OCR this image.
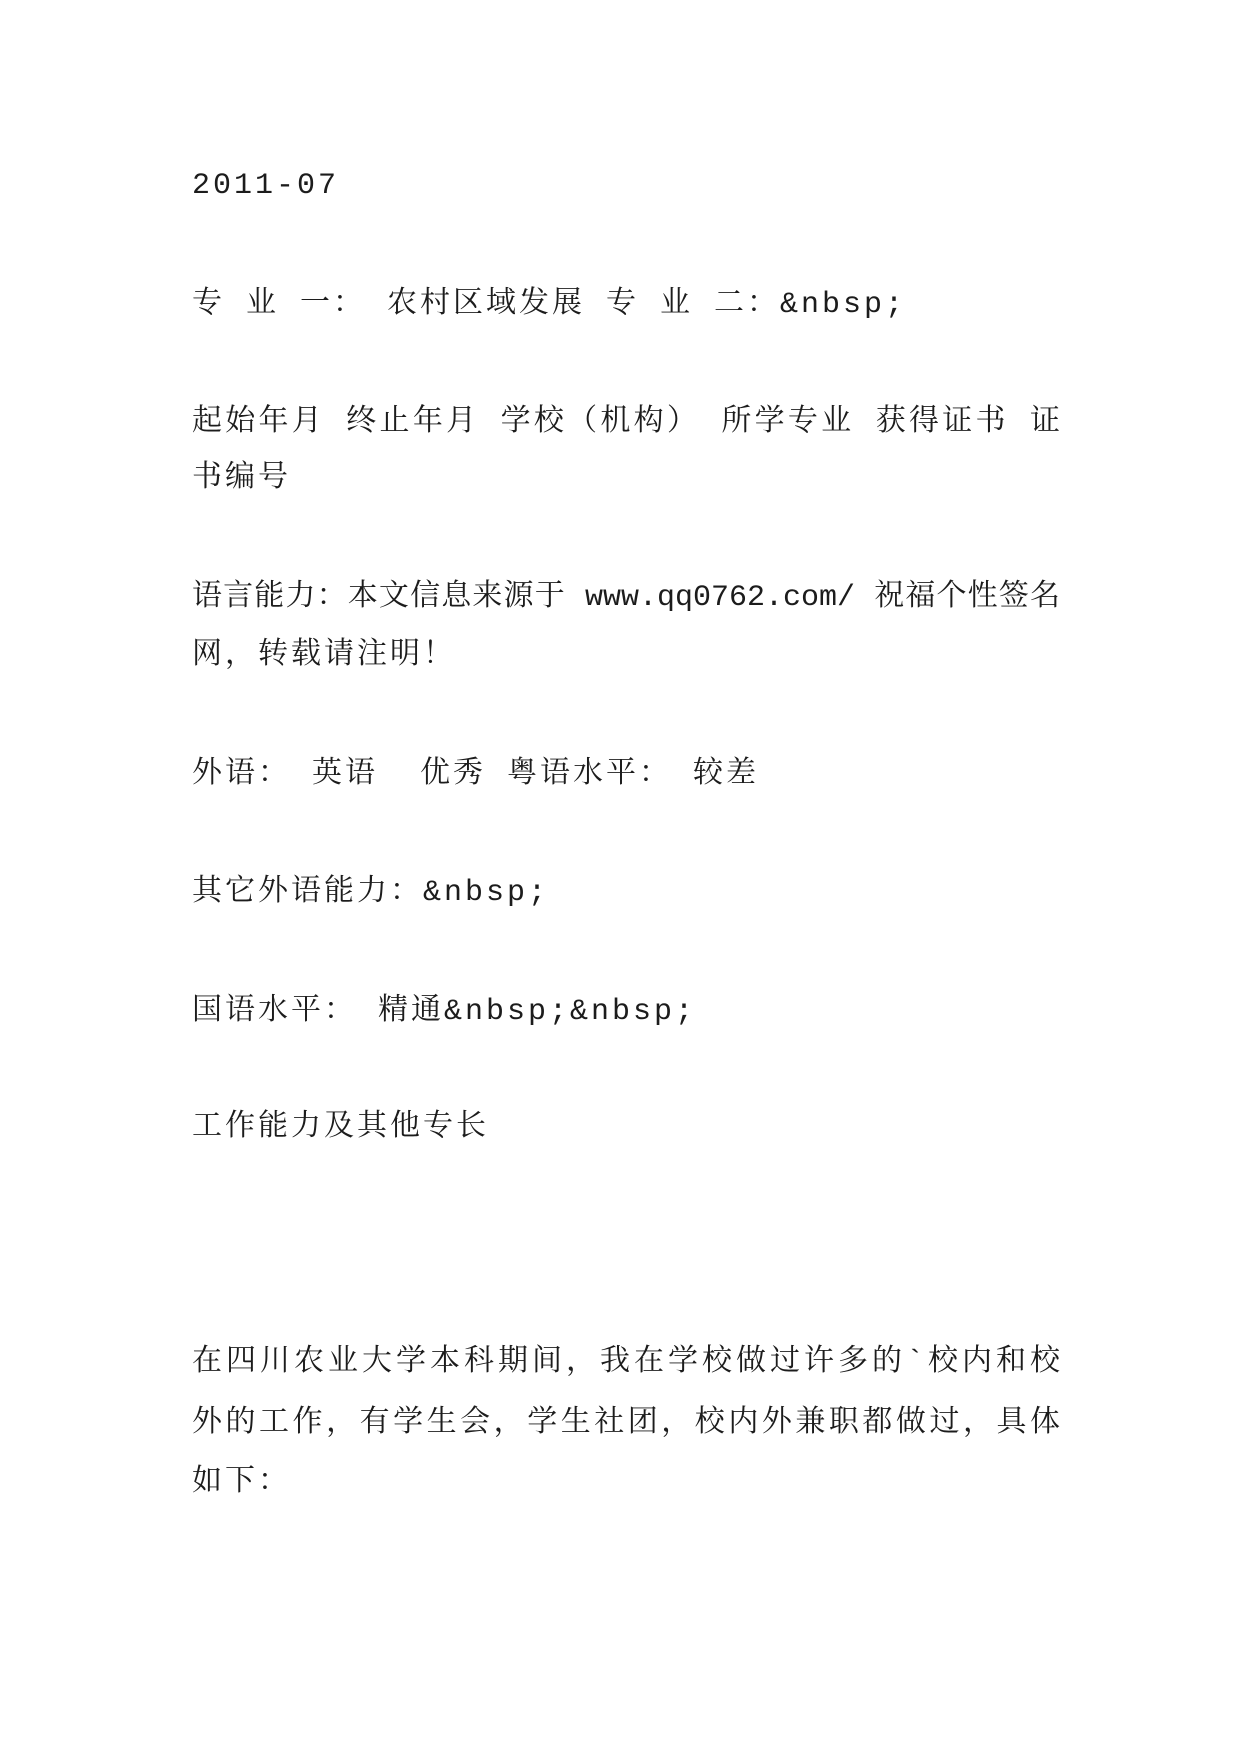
2011-07
专 业 一： 农村区域发展 专 业 二：&nbsp;
起始年月 终止年月 学校（机构） 所学专业 获得证书 证
书编号
语言能力：本文信息来源于 www.qq0762.com/ 祝福个性签名
网，转载请注明！
外语： 英语  优秀 粤语水平： 较差
其它外语能力：&nbsp;
国语水平： 精通&nbsp;&nbsp;
工作能力及其他专长
在四川农业大学本科期间，我在学校做过许多的`校内和校
外的工作，有学生会，学生社团，校内外兼职都做过，具体
如下：
